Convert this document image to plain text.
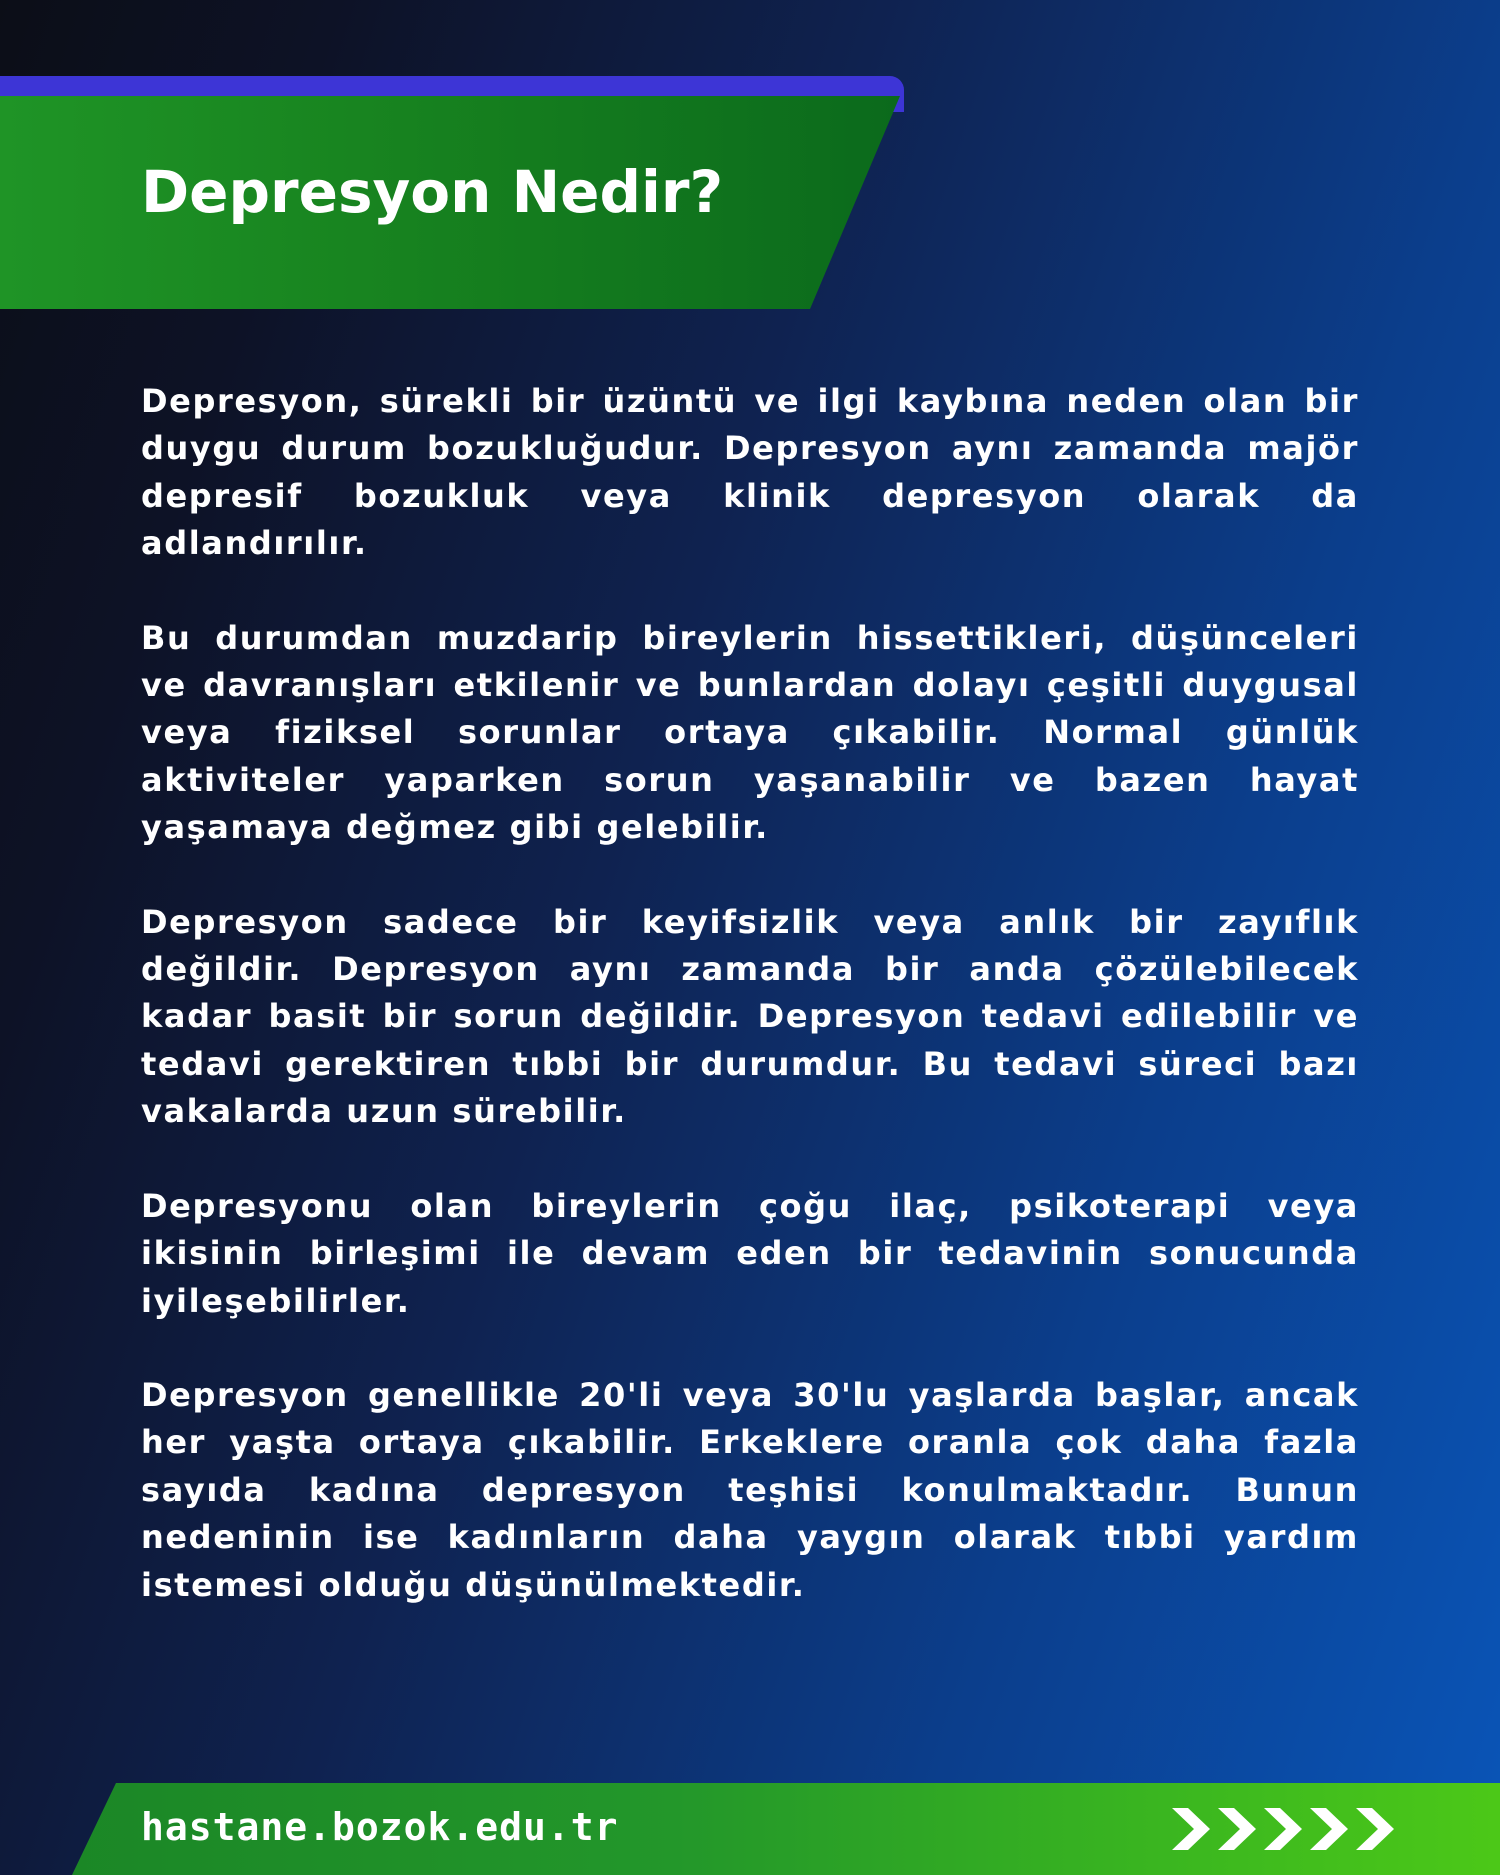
Depresyon Nedir?

Depresyon, sürekli bir üzüntü ve ilgi kaybına neden olan bir duygu durum bozukluğudur. Depresyon aynı zamanda majör depresif bozukluk veya klinik depresyon olarak da adlandırılır.

Bu durumdan muzdarip bireylerin hissettikleri, düşünceleri ve davranışları etkilenir ve bunlardan dolayı çeşitli duygusal veya fiziksel sorunlar ortaya çıkabilir. Normal günlük aktiviteler yaparken sorun yaşanabilir ve bazen hayat yaşamaya değmez gibi gelebilir.

Depresyon sadece bir keyifsizlik veya anlık bir zayıflık değildir. Depresyon aynı zamanda bir anda çözülebilecek kadar basit bir sorun değildir. Depresyon tedavi edilebilir ve tedavi gerektiren tıbbi bir durumdur. Bu tedavi süreci bazı vakalarda uzun sürebilir.

Depresyonu olan bireylerin çoğu ilaç, psikoterapi veya ikisinin birleşimi ile devam eden bir tedavinin sonucunda iyileşebilirler.

Depresyon genellikle 20'li veya 30'lu yaşlarda başlar, ancak her yaşta ortaya çıkabilir. Erkeklere oranla çok daha fazla sayıda kadına depresyon teşhisi konulmaktadır. Bunun nedeninin ise kadınların daha yaygın olarak tıbbi yardım istemesi olduğu düşünülmektedir.

hastane.bozok.edu.tr
